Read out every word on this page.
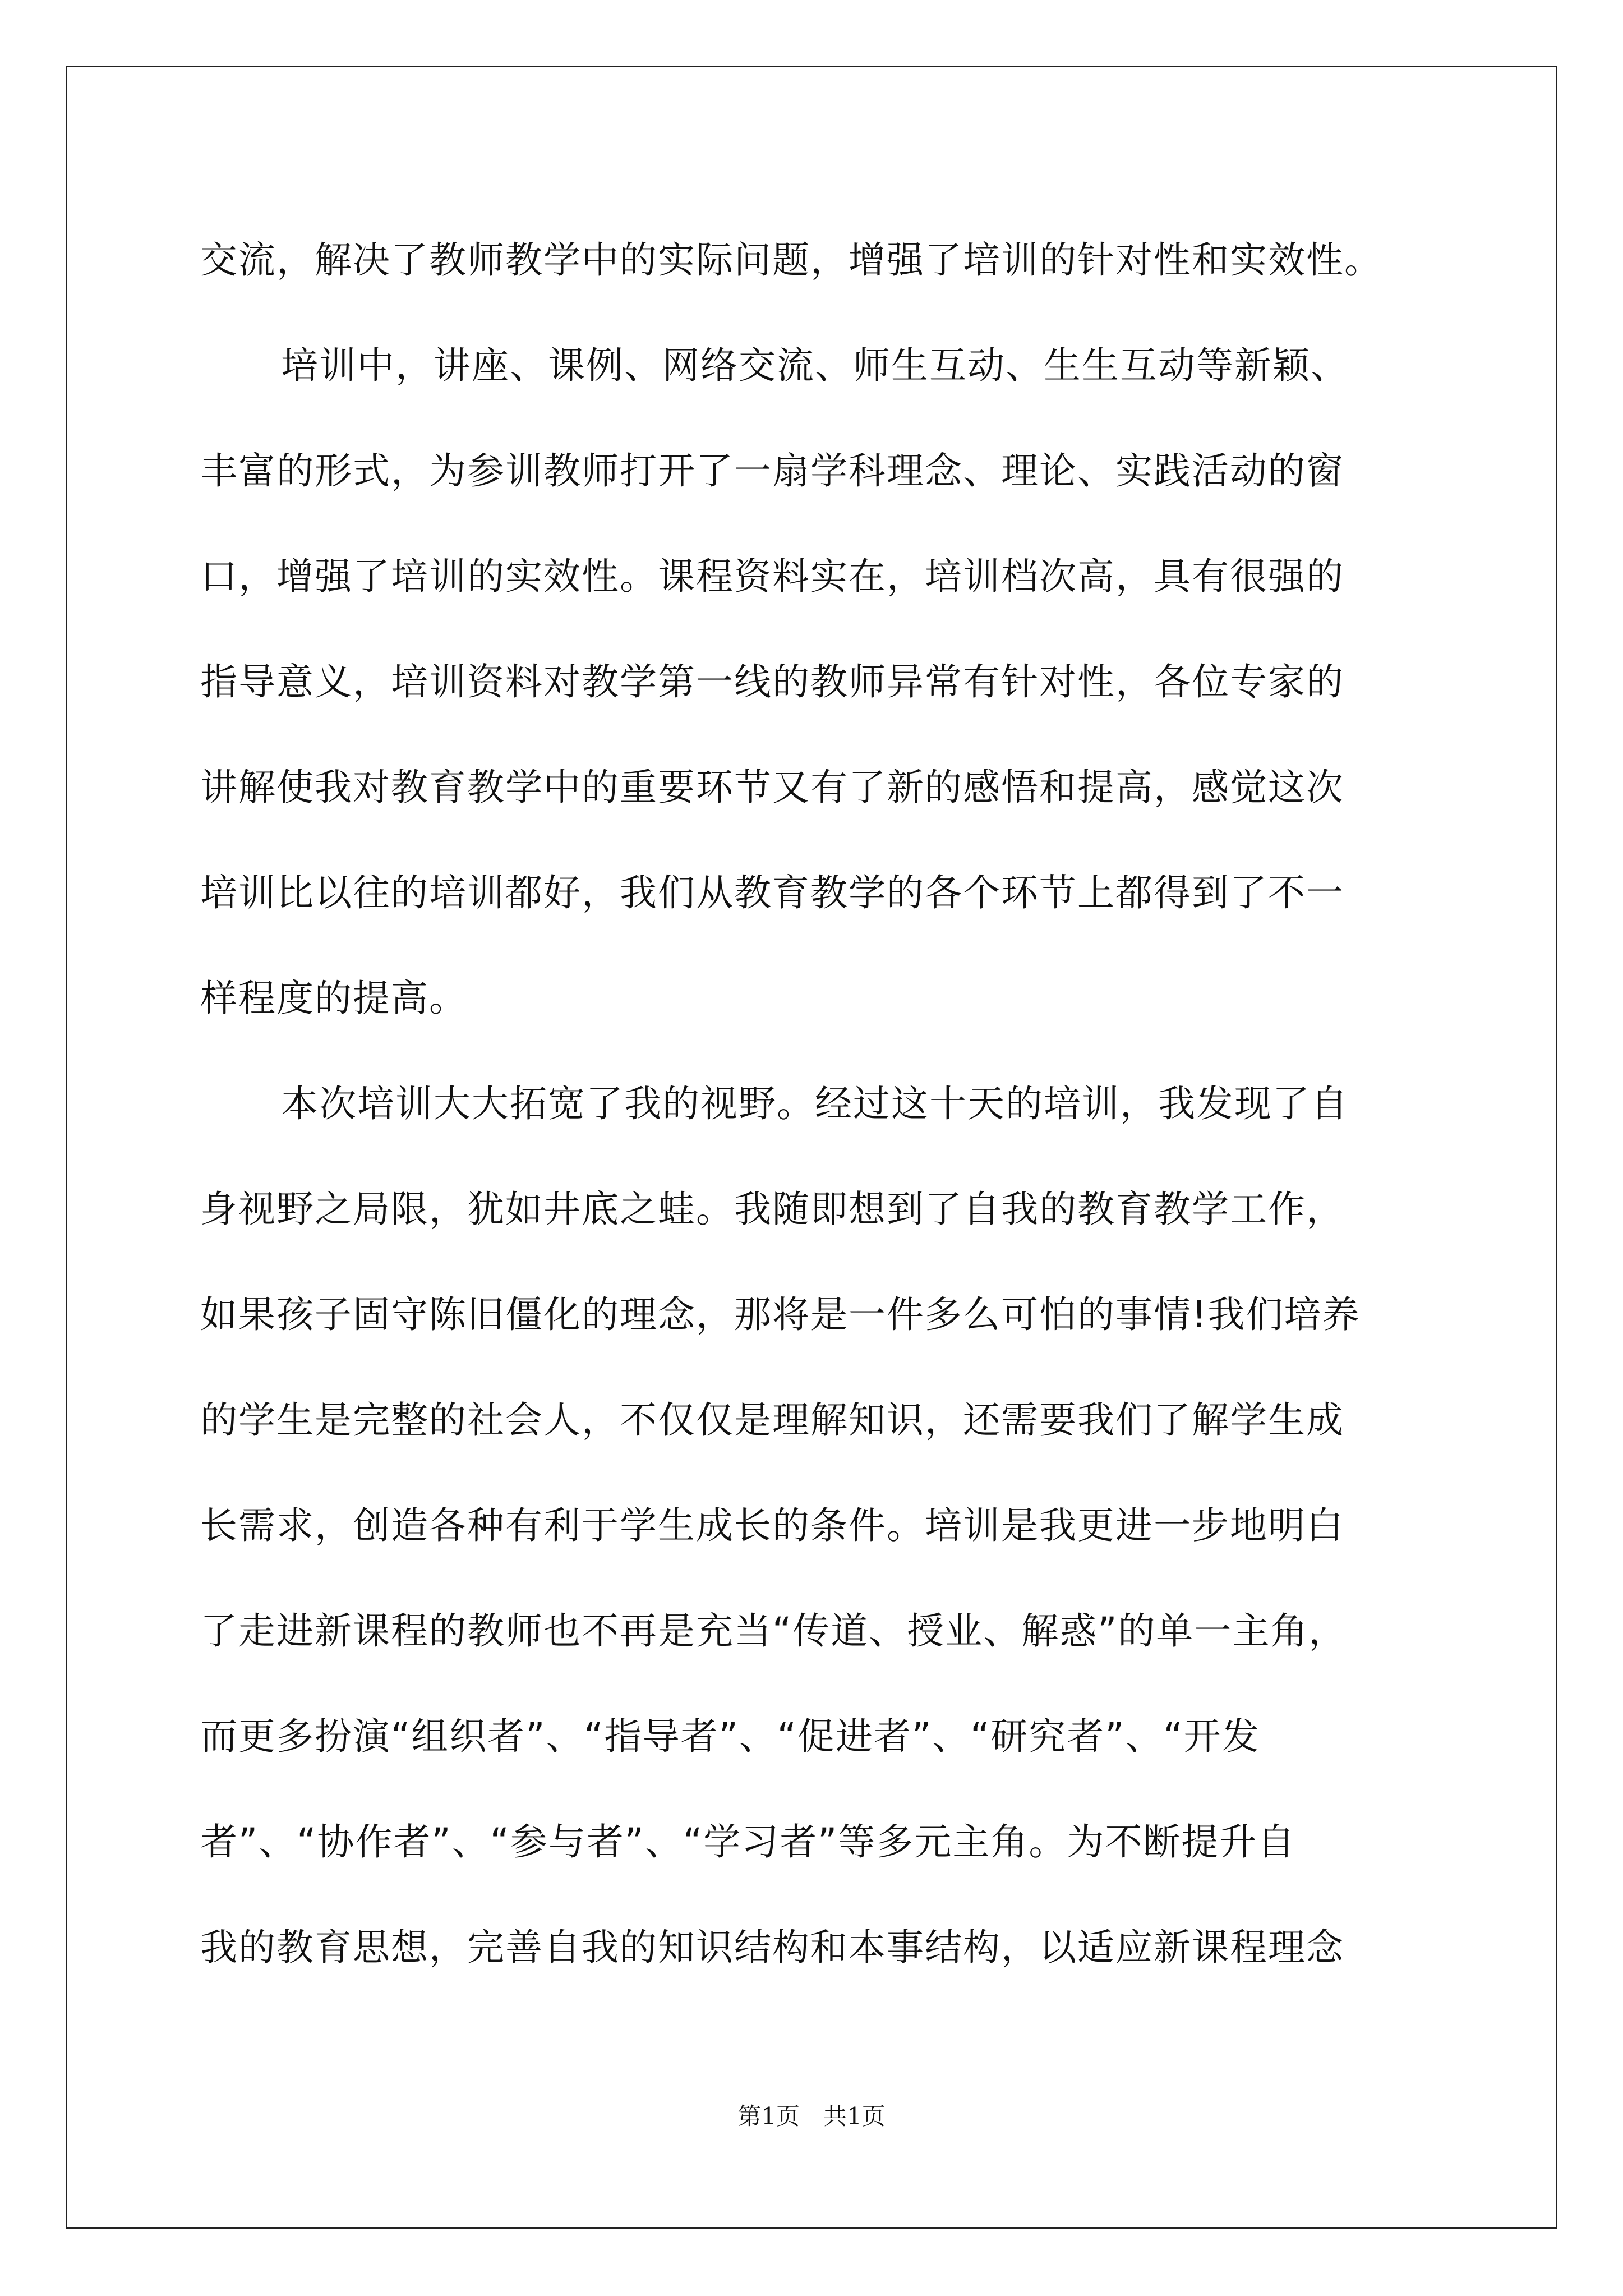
交流，解决了教师教学中的实际问题，增强了培训的针对性和实效性。
培训中，讲座、课例、网络交流、师生互动、生生互动等新颖、
丰富的形式，为参训教师打开了一扇学科理念、理论、实践活动的窗
口，增强了培训的实效性。课程资料实在，培训档次高，具有很强的
指导意义，培训资料对教学第一线的教师异常有针对性，各位专家的
讲解使我对教育教学中的重要环节又有了新的感悟和提高，感觉这次
培训比以往的培训都好，我们从教育教学的各个环节上都得到了不一
样程度的提高。
本次培训大大拓宽了我的视野。经过这十天的培训，我发现了自
身视野之局限，犹如井底之蛙。我随即想到了自我的教育教学工作，
如果孩子固守陈旧僵化的理念，那将是一件多么可怕的事情!我们培养
的学生是完整的社会人，不仅仅是理解知识，还需要我们了解学生成
长需求，创造各种有利于学生成长的条件。培训是我更进一步地明白
了走进新课程的教师也不再是充当“传道、授业、解惑”的单一主角，
而更多扮演“组织者”、“指导者”、“促进者”、“研究者”、“开发
者”、“协作者”、“参与者”、“学习者”等多元主角。为不断提升自
我的教育思想，完善自我的知识结构和本事结构，以适应新课程理念
第1页　共1页
